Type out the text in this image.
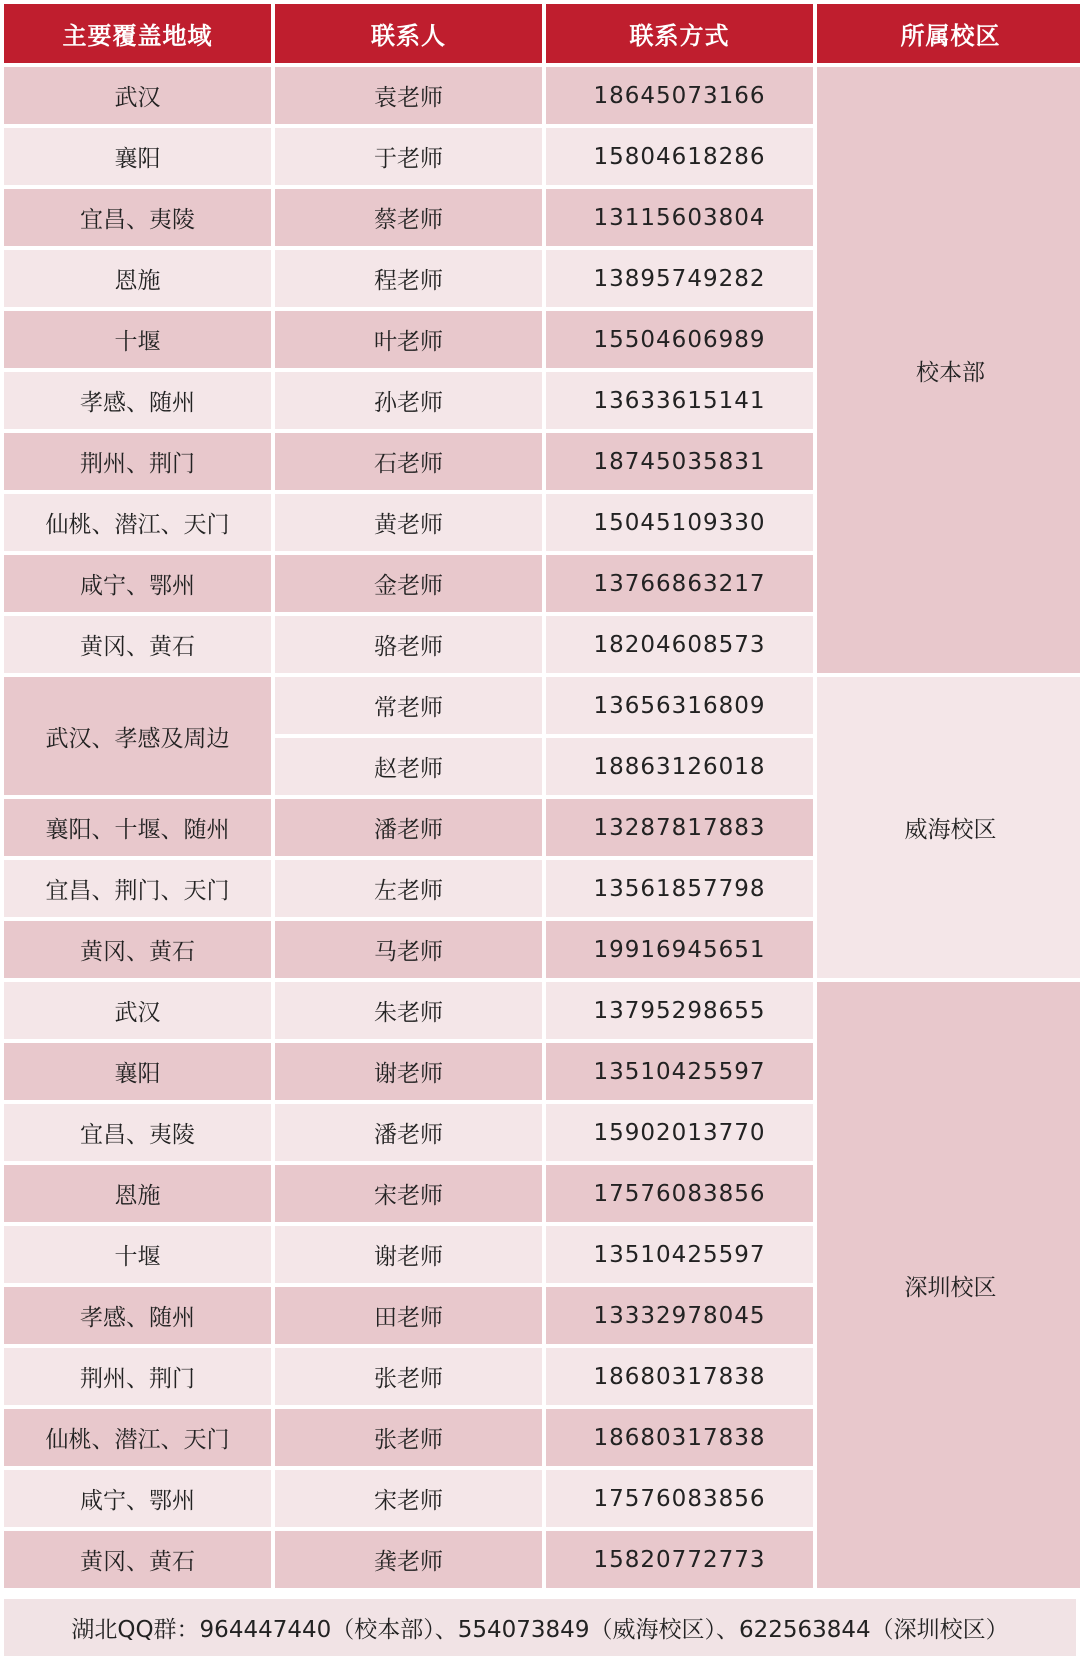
主要覆盖地域	联系人	联系方式	所属校区
武汉	袁老师	18645073166	校本部
襄阳	于老师	15804618286	
宜昌、夷陵	蔡老师	13115603804	
恩施	程老师	13895749282	
十堰	叶老师	15504606989	
孝感、随州	孙老师	13633615141	
荆州、荆门	石老师	18745035831	
仙桃、潜江、天门	黄老师	15045109330	
咸宁、鄂州	金老师	13766863217	
黄冈、黄石	骆老师	18204608573	
武汉、孝感及周边	常老师	13656316809	威海校区
	赵老师	18863126018	
襄阳、十堰、随州	潘老师	13287817883	
宜昌、荆门、天门	左老师	13561857798	
黄冈、黄石	马老师	19916945651	
武汉	朱老师	13795298655	深圳校区
襄阳	谢老师	13510425597	
宜昌、夷陵	潘老师	15902013770	
恩施	宋老师	17576083856	
十堰	谢老师	13510425597	
孝感、随州	田老师	13332978045	
荆州、荆门	张老师	18680317838	
仙桃、潜江、天门	张老师	18680317838	
咸宁、鄂州	宋老师	17576083856	
黄冈、黄石	龚老师	15820772773	
湖北QQ群：964447440（校本部）、554073849（威海校区）、622563844（深圳校区）
